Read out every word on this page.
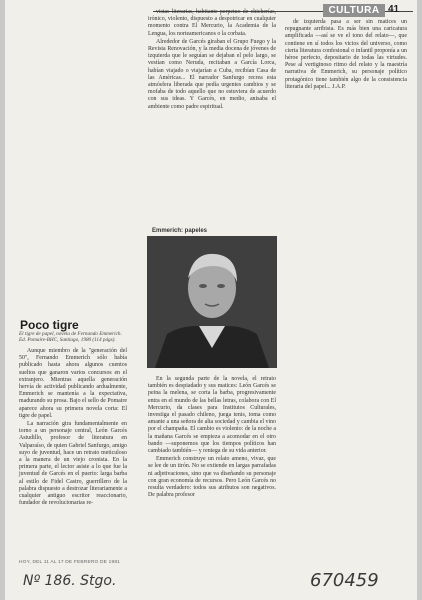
CULTURA 41

vistas literarias, habitante perpetuo de chicherías, irónico, violento, dispuesto a despotricar en cualquier momento contra El Mercurio, la Academia de la Lengua, los norteamericanos o la corbata.

Alrededor de Garcés giraban el Grupo Fuego y la Revista Renovación, y la media docena de jóvenes de izquierda que le seguían se dejaban el pelo largo, se vestían como Neruda, recitaban a García Lorca, habían viajado o viajarían a Cuba, recibían Casa de las Américas... El narrador Sanfurgo recrea esta atmósfera liberada que pedía urgentes cambios y se mofaba de todo aquello que no estuviera de acuerdo con sus ideas. Y Garcés, en medio, anisaba el ambiente como padre espiritual.

Emmerich: papeles

de izquierda pasa a ser sin matices un repugnante arribista. Es más bien una caricatura amplificada —así se ve el tono del relato—, que contiene en sí todos los vicios del universo, como cierta literatura confesional o infantil proponía a un héroe perfecto, depositario de todas las virtudes. Pese al vertiginoso ritmo del relato y la maestría narrativa de Emmerich, su personaje político protagónico tiene también algo de la consistencia literaria del papel... J.A.P.

Poco tigre
El tigre de papel, novela de Fernando Emmerich. Ed. Pomaire-BHC, Santiago, 1980 (114 págs).

Aunque miembro de la "generación del 50", Fernando Emmerich sólo había publicado hasta ahora algunos cuentos sueltos que ganaron varios concursos en el extranjero. Mientras aquella generación hervía de actividad publicando ardualmente, Emmerich se mantenía a la expectativa, madurando su prosa. Bajo el sello de Pomaire aparece ahora su primera novela corta: El tigre de papel.

La narración gira fundamentalmente en torno a un personaje central, León Garcés Astudillo, profesor de literatura en Valparaíso, de quien Gabriel Sanfurgo, amigo suyo de juventud, hace un retrato meticuloso a la manera de un viejo cronista. En la primera parte, el lector asiste a lo que fue la juventud de Garcés en el puerto: larga barba al estilo de Fidel Castro, guerrillero de la palabra dispuesto a destrozar literariamente a cualquier antiguo escritor reaccionario, fundador de revolucionarias re-

En la segunda parte de la novela, el retrato también es despiadado y sus matices: León Garcés se peina la melena, se corta la barba, progresivamente entra en el mundo de las bellas letras, colabora con El Mercurio, da clases para Institutos Culturales, investiga el pasado chileno, juega tenis, toma como amante a una señora de alta sociedad y cambia el vino por el champaña. El cambio es violento: de la noche a la mañana Garcés se empieza a acomodar en el otro bando —suponemos que los tiempos políticos han cambiado también— y reniega de su vida anterior.

Emmerich construye un relato ameno, vivaz, que se lee de un tirón. No se extiende en largas parrafadas ni adjetivaciones, sino que va diseñando su personaje con gran economía de recursos. Pero León Garcés no resulta verdadero: todos sus atributos son negativos. De palabra profesor

HOY, DEL 11 AL 17 DE FEBRERO DE 1981
Nº 186. Stgo.	670459
